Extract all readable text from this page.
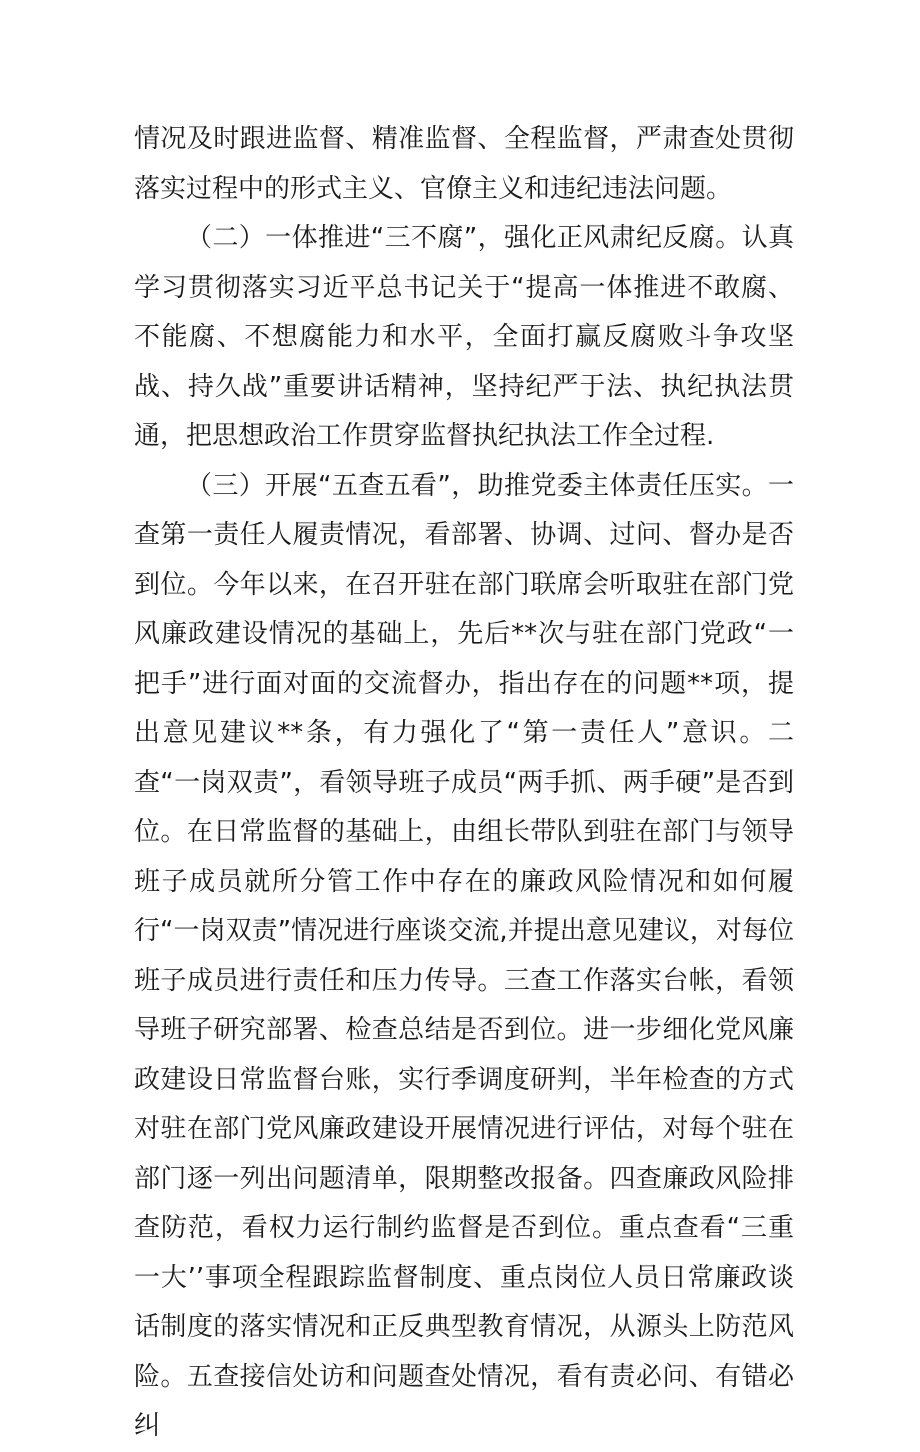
情况及时跟进监督、精准监督、全程监督，严肃查处贯彻落实过程中的形式主义、官僚主义和违纪违法问题。

（二）一体推进“三不腐”，强化正风肃纪反腐。认真学习贯彻落实习近平总书记关于“提高一体推进不敢腐、不能腐、不想腐能力和水平，全面打赢反腐败斗争攻坚战、持久战”重要讲话精神，坚持纪严于法、执纪执法贯通，把思想政治工作贯穿监督执纪执法工作全过程.

（三）开展“五查五看”，助推党委主体责任压实。一查第一责任人履责情况，看部署、协调、过问、督办是否到位。今年以来，在召开驻在部门联席会听取驻在部门党风廉政建设情况的基础上，先后**次与驻在部门党政“一把手”进行面对面的交流督办，指出存在的问题**项，提出意见建议**条，有力强化了“第一责任人”意识。二查“一岗双责”，看领导班子成员“两手抓、两手硬”是否到位。在日常监督的基础上，由组长带队到驻在部门与领导班子成员就所分管工作中存在的廉政风险情况和如何履行“一岗双责”情况进行座谈交流,并提出意见建议，对每位班子成员进行责任和压力传导。三查工作落实台帐，看领导班子研究部署、检查总结是否到位。进一步细化党风廉政建设日常监督台账，实行季调度研判，半年检查的方式对驻在部门党风廉政建设开展情况进行评估，对每个驻在部门逐一列出问题清单，限期整改报备。四查廉政风险排查防范，看权力运行制约监督是否到位。重点查看“三重一大’’事项全程跟踪监督制度、重点岗位人员日常廉政谈话制度的落实情况和正反典型教育情况，从源头上防范风险。五查接信处访和问题查处情况，看有责必问、有错必纠
